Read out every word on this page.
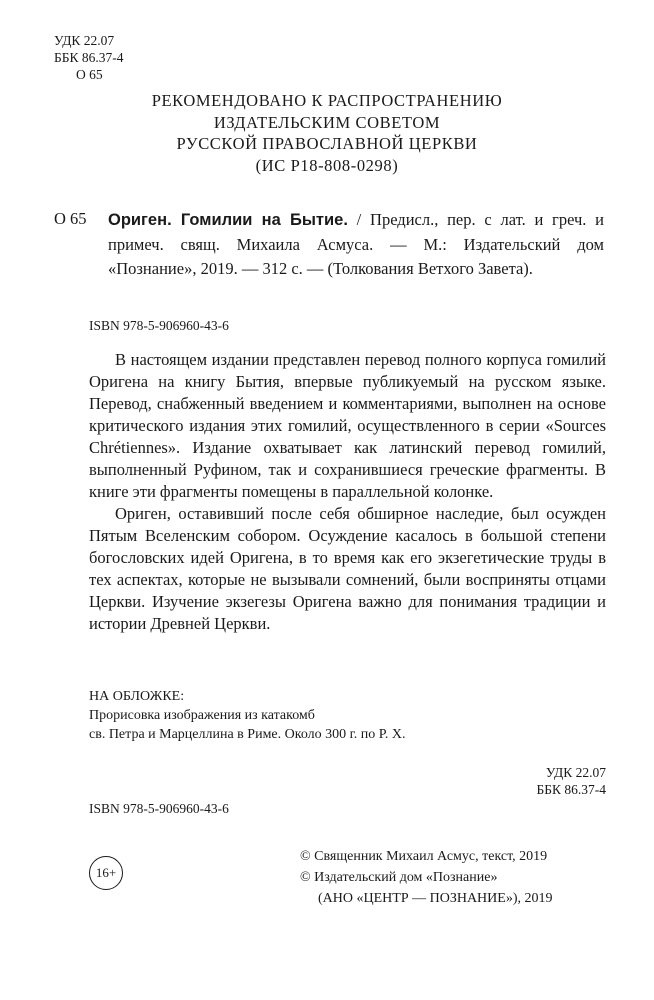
УДК 22.07
ББК 86.37-4
О 65
РЕКОМЕНДОВАНО К РАСПРОСТРАНЕНИЮ
ИЗДАТЕЛЬСКИМ СОВЕТОМ
РУССКОЙ ПРАВОСЛАВНОЙ ЦЕРКВИ
(ИС Р18-808-0298)
О 65 Ориген. Гомилии на Бытие. / Предисл., пер. с лат. и греч. и примеч. свящ. Михаила Асмуса. — М.: Издательский дом «Познание», 2019. — 312 с. — (Толкования Ветхого Завета).
ISBN 978-5-906960-43-6

В настоящем издании представлен перевод полного корпуса гомилий Оригена на книгу Бытия, впервые публикуемый на русском языке. Перевод, снабженный введением и комментариями, выполнен на основе критического издания этих гомилий, осуществленного в серии «Sources Chrétiennes». Издание охватывает как латинский перевод гомилий, выполненный Руфином, так и сохранившиеся греческие фрагменты. В книге эти фрагменты помещены в параллельной колонке.

Ориген, оставивший после себя обширное наследие, был осужден Пятым Вселенским собором. Осуждение касалось в большой степени богословских идей Оригена, в то время как его экзегетические труды в тех аспектах, которые не вызывали сомнений, были восприняты отцами Церкви. Изучение экзегезы Оригена важно для понимания традиции и истории Древней Церкви.

НА ОБЛОЖКЕ:
Прорисовка изображения из катакомб
св. Петра и Марцеллина в Риме. Около 300 г. по Р. Х.
УДК 22.07
ББК 86.37-4
ISBN 978-5-906960-43-6
16+
© Священник Михаил Асмус, текст, 2019
© Издательский дом «Познание»
(АНО «ЦЕНТР — ПОЗНАНИЕ»), 2019
